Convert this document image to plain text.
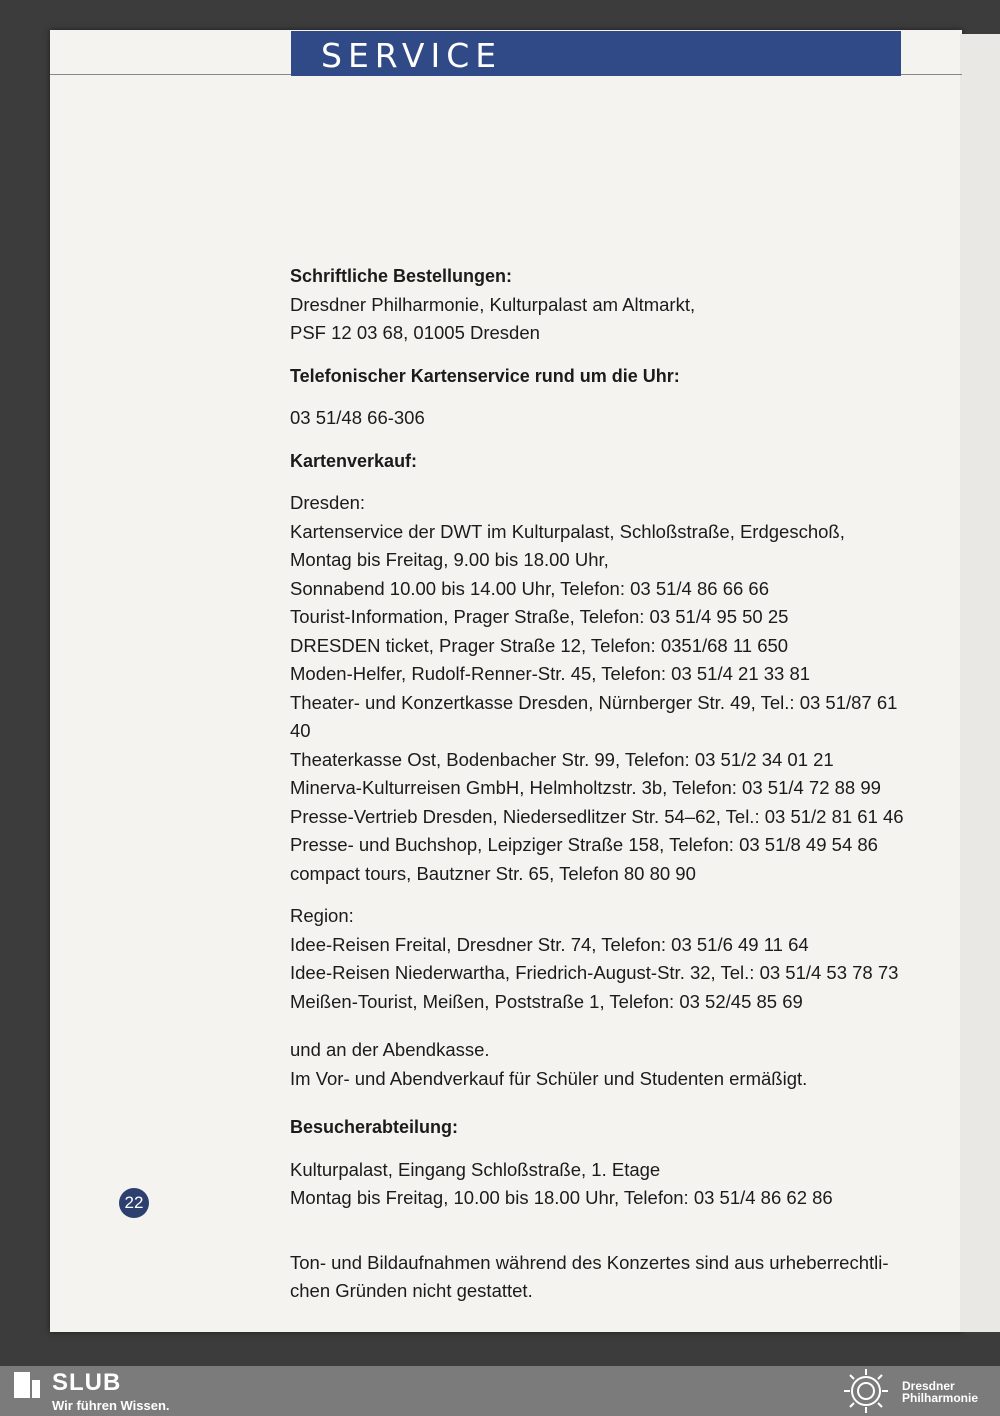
SERVICE
Schriftliche Bestellungen:
Dresdner Philharmonie, Kulturpalast am Altmarkt,
PSF 12 03 68, 01005 Dresden
Telefonischer Kartenservice rund um die Uhr:
03 51/48 66-306
Kartenverkauf:
Dresden:
Kartenservice der DWT im Kulturpalast, Schloßstraße, Erdgeschoß,
Montag bis Freitag, 9.00 bis 18.00 Uhr,
Sonnabend 10.00 bis 14.00 Uhr, Telefon: 03 51/4 86 66 66
Tourist-Information, Prager Straße, Telefon: 03 51/4 95 50 25
DRESDEN ticket, Prager Straße 12, Telefon: 0351/68 11 650
Moden-Helfer, Rudolf-Renner-Str. 45, Telefon: 03 51/4 21 33 81
Theater- und Konzertkasse Dresden, Nürnberger Str. 49, Tel.: 03 51/87 61 40
Theaterkasse Ost, Bodenbacher Str. 99, Telefon: 03 51/2 34 01 21
Minerva-Kulturreisen GmbH, Helmholtzstr. 3b, Telefon: 03 51/4 72 88 99
Presse-Vertrieb Dresden, Niedersedlitzer Str. 54–62, Tel.: 03 51/2 81 61 46
Presse- und Buchshop, Leipziger Straße 158, Telefon: 03 51/8 49 54 86
compact tours, Bautzner Str. 65, Telefon 80 80 90
Region:
Idee-Reisen Freital, Dresdner Str. 74, Telefon: 03 51/6 49 11 64
Idee-Reisen Niederwartha, Friedrich-August-Str. 32, Tel.: 03 51/4 53 78 73
Meißen-Tourist, Meißen, Poststraße 1, Telefon: 03 52/45 85 69
und an der Abendkasse.
Im Vor- und Abendverkauf für Schüler und Studenten ermäßigt.
Besucherabteilung:
Kulturpalast, Eingang Schloßstraße, 1. Etage
Montag bis Freitag, 10.00 bis 18.00 Uhr, Telefon: 03 51/4 86 62 86
Ton- und Bildaufnahmen während des Konzertes sind aus urheberrechtli-
chen Gründen nicht gestattet.
22
SLUB
Wir führen Wissen.
Dresdner
Philharmonie
